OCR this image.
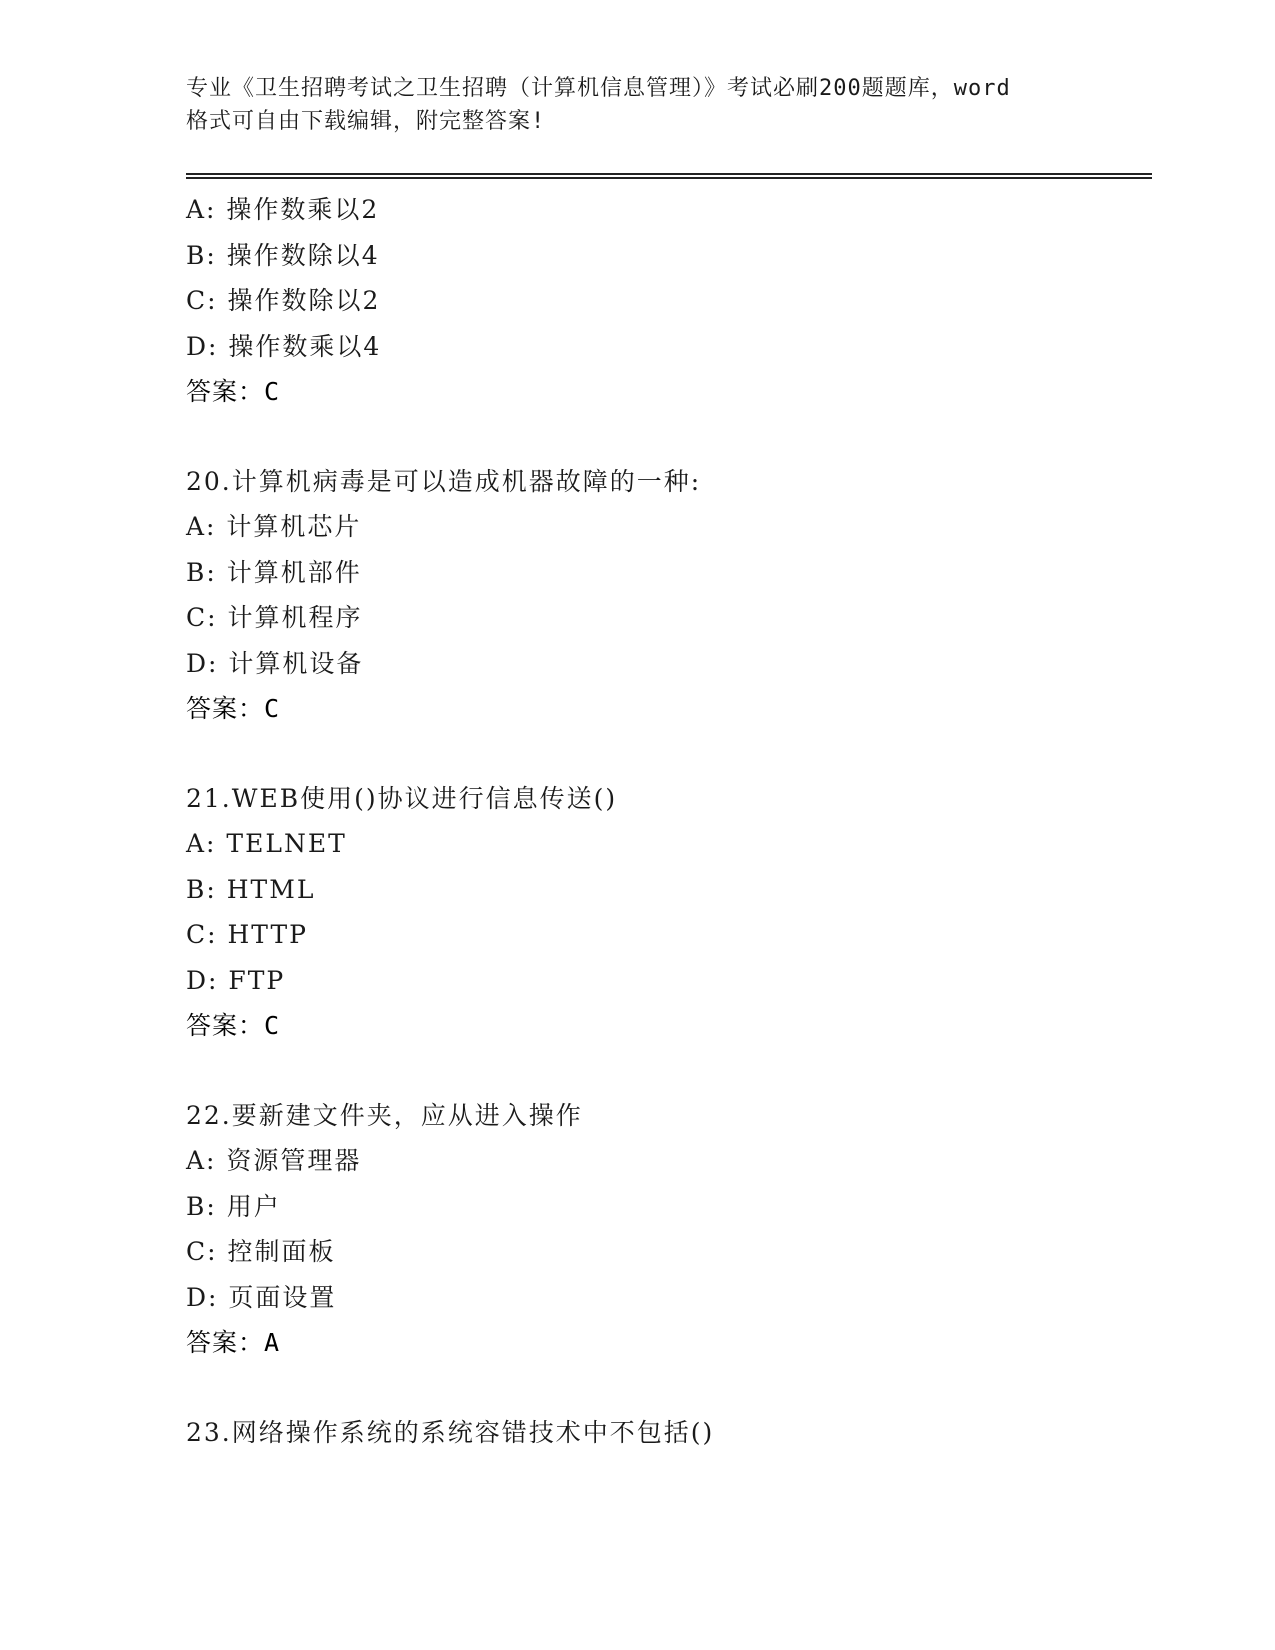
专业《卫生招聘考试之卫生招聘（计算机信息管理）》考试必刷200题题库，word

格式可自由下载编辑，附完整答案!

A: 操作数乘以2
B: 操作数除以4
C: 操作数除以2
D: 操作数乘以4
答案：C
20.计算机病毒是可以造成机器故障的一种:
A: 计算机芯片
B: 计算机部件
C: 计算机程序
D: 计算机设备
答案：C
21.WEB使用()协议进行信息传送()
A: TELNET
B: HTML
C: HTTP
D: FTP
答案：C
22.要新建文件夹，应从进入操作
A: 资源管理器
B: 用户
C: 控制面板
D: 页面设置
答案：A
23.网络操作系统的系统容错技术中不包括()
